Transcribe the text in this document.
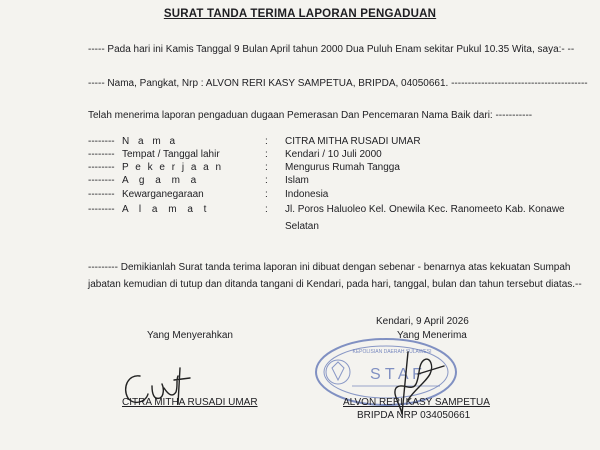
SURAT TANDA TERIMA LAPORAN PENGADUAN
----- Pada hari ini Kamis Tanggal 9 Bulan April tahun 2000 Dua Puluh Enam sekitar Pukul 10.35 Wita, saya:- --
----- Nama, Pangkat, Nrp : ALVON RERI KASY SAMPETUA, BRIPDA, 04050661. -----------------------------------------
Telah menerima laporan pengaduan dugaan Pemerasan Dan Pencemaran Nama Baik dari: -----------
-------- N a m a	: CITRA MITHA RUSADI UMAR
-------- Tempat / Tanggal lahir	: Kendari / 10 Juli 2000
-------- P e k e r j a a n	: Mengurus Rumah Tangga
-------- A g a m a	: Islam
-------- Kewarganegaraan	: Indonesia
-------- A l a m a t	: Jl. Poros Haluoleo Kel. Onewila Kec. Ranomeeto Kab. Konawe
Selatan
--------- Demikianlah Surat tanda terima laporan ini dibuat dengan sebenar - benarnya atas kekuatan Sumpah
jabatan kemudian di tutup dan ditanda tangani di Kendari, pada hari, tanggal, bulan dan tahun tersebut diatas.--
Kendari, 9 April 2026
Yang Menyerahkan	Yang Menerima
KEPOLISIAN DAERAH SULAWESI
S T A F
CITRA MITHA RUSADI UMAR	ALVON RERI KASY SAMPETUA
BRIPDA NRP 034050661
